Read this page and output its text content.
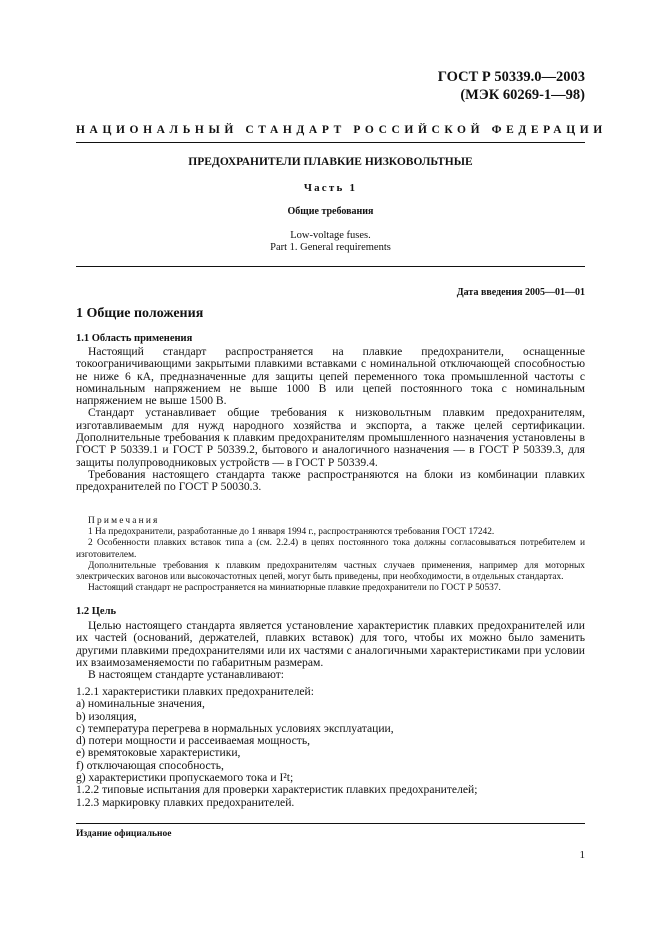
ГОСТ Р 50339.0—2003
(МЭК 60269-1—98)
НАЦИОНАЛЬНЫЙ СТАНДАРТ РОССИЙСКОЙ ФЕДЕРАЦИИ
ПРЕДОХРАНИТЕЛИ ПЛАВКИЕ НИЗКОВОЛЬТНЫЕ
Часть 1
Общие требования
Low-voltage fuses.
Part 1. General requirements
Дата введения 2005—01—01
1 Общие положения
1.1 Область применения

Настоящий стандарт распространяется на плавкие предохранители, оснащенные токоограничивающими закрытыми плавкими вставками с номинальной отключающей способностью не ниже 6 кА, предназначенные для защиты цепей переменного тока промышленной частоты с номинальным напряжением не выше 1000 В или цепей постоянного тока с номинальным напряжением не выше 1500 В.

Стандарт устанавливает общие требования к низковольтным плавким предохранителям, изготавливаемым для нужд народного хозяйства и экспорта, а также целей сертификации. Дополнительные требования к плавким предохранителям промышленного назначения установлены в ГОСТ Р 50339.1 и ГОСТ Р 50339.2, бытового и аналогичного назначения — в ГОСТ Р 50339.3, для защиты полупроводниковых устройств — в ГОСТ Р 50339.4.

Требования настоящего стандарта также распространяются на блоки из комбинации плавких предохранителей по ГОСТ Р 50030.3.

Примечания

1 На предохранители, разработанные до 1 января 1994 г., распространяются требования ГОСТ 17242.

2 Особенности плавких вставок типа a (см. 2.2.4) в цепях постоянного тока должны согласовываться потребителем и изготовителем.

Дополнительные требования к плавким предохранителям частных случаев применения, например для моторных электрических вагонов или высокочастотных цепей, могут быть приведены, при необходимости, в отдельных стандартах.

Настоящий стандарт не распространяется на миниатюрные плавкие предохранители по ГОСТ Р 50537.

1.2 Цель

Целью настоящего стандарта является установление характеристик плавких предохранителей или их частей (оснований, держателей, плавких вставок) для того, чтобы их можно было заменить другими плавкими предохранителями или их частями с аналогичными характеристиками при условии их взаимозаменяемости по габаритным размерам.

В настоящем стандарте устанавливают:

1.2.1 характеристики плавких предохранителей:
a) номинальные значения,
b) изоляция,
c) температура перегрева в нормальных условиях эксплуатации,
d) потери мощности и рассеиваемая мощность,
e) времятоковые характеристики,
f) отключающая способность,
g) характеристики пропускаемого тока и I²t;
1.2.2 типовые испытания для проверки характеристик плавких предохранителей;
1.2.3 маркировку плавких предохранителей.
Издание официальное
1
